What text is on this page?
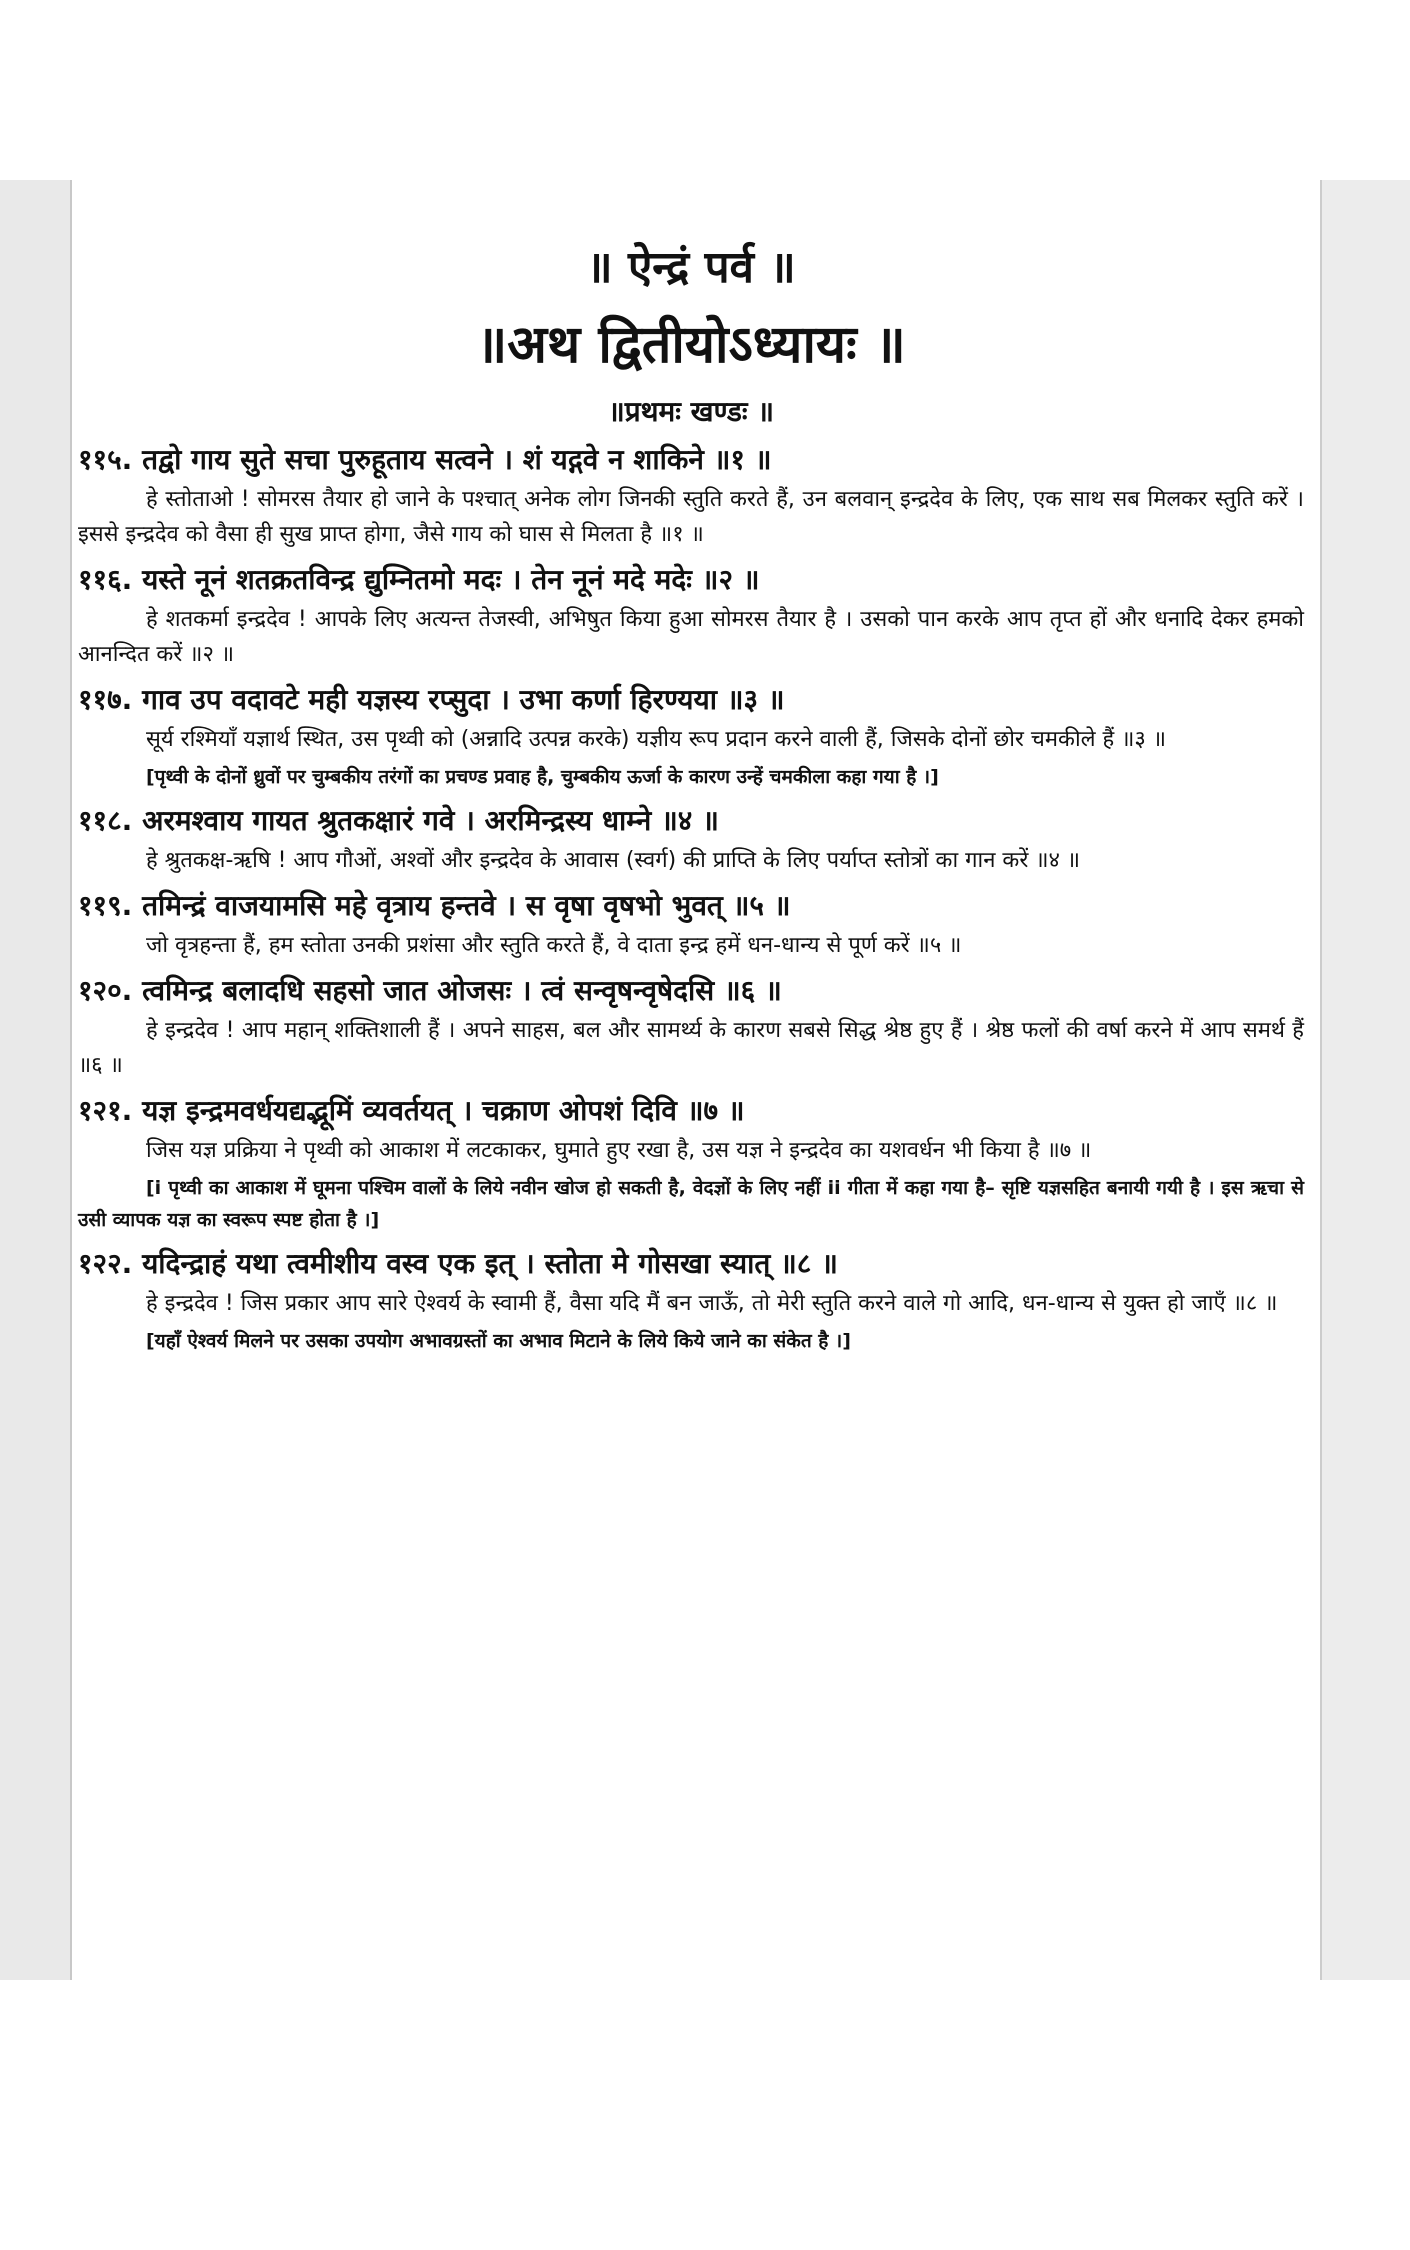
॥ ऐन्द्रं पर्व ॥
॥अथ द्वितीयोऽध्यायः ॥
॥प्रथमः खण्डः ॥
११५. तद्वो गाय सुते सचा पुरुहूताय सत्वने । शं यद्गवे न शाकिने ॥१ ॥
हे स्तोताओ ! सोमरस तैयार हो जाने के पश्चात् अनेक लोग जिनकी स्तुति करते हैं, उन बलवान् इन्द्रदेव के लिए, एक साथ सब मिलकर स्तुति करें । इससे इन्द्रदेव को वैसा ही सुख प्राप्त होगा, जैसे गाय को घास से मिलता है ॥१ ॥
११६. यस्ते नूनं शतक्रतविन्द्र द्युम्नितमो मदः । तेन नूनं मदे मदेः ॥२ ॥
हे शतकर्मा इन्द्रदेव ! आपके लिए अत्यन्त तेजस्वी, अभिषुत किया हुआ सोमरस तैयार है । उसको पान करके आप तृप्त हों और धनादि देकर हमको आनन्दित करें ॥२ ॥
११७. गाव उप वदावटे मही यज्ञस्य रप्सुदा । उभा कर्णा हिरण्यया ॥३ ॥
सूर्य रश्मियाँ यज्ञार्थ स्थित, उस पृथ्वी को (अन्नादि उत्पन्न करके) यज्ञीय रूप प्रदान करने वाली हैं, जिसके दोनों छोर चमकीले हैं ॥३ ॥
[पृथ्वी के दोनों ध्रुवों पर चुम्बकीय तरंगों का प्रचण्ड प्रवाह है, चुम्बकीय ऊर्जा के कारण उन्हें चमकीला कहा गया है ।]
११८. अरमश्वाय गायत श्रुतकक्षारं गवे । अरमिन्द्रस्य धाम्ने ॥४ ॥
हे श्रुतकक्ष-ऋषि ! आप गौओं, अश्वों और इन्द्रदेव के आवास (स्वर्ग) की प्राप्ति के लिए पर्याप्त स्तोत्रों का गान करें ॥४ ॥
११९. तमिन्द्रं वाजयामसि महे वृत्राय हन्तवे । स वृषा वृषभो भुवत् ॥५ ॥
जो वृत्रहन्ता हैं, हम स्तोता उनकी प्रशंसा और स्तुति करते हैं, वे दाता इन्द्र हमें धन-धान्य से पूर्ण करें ॥५ ॥
१२०. त्वमिन्द्र बलादधि सहसो जात ओजसः । त्वं सन्वृषन्वृषेदसि ॥६ ॥
हे इन्द्रदेव ! आप महान् शक्तिशाली हैं । अपने साहस, बल और सामर्थ्य के कारण सबसे सिद्ध श्रेष्ठ हुए हैं । श्रेष्ठ फलों की वर्षा करने में आप समर्थ हैं ॥६ ॥
१२१. यज्ञ इन्द्रमवर्धयद्यद्भूमिं व्यवर्तयत् । चक्राण ओपशं दिवि ॥७ ॥
जिस यज्ञ प्रक्रिया ने पृथ्वी को आकाश में लटकाकर, घुमाते हुए रखा है, उस यज्ञ ने इन्द्रदेव का यशवर्धन भी किया है ॥७ ॥
[i पृथ्वी का आकाश में घूमना पश्चिम वालों के लिये नवीन खोज हो सकती है, वेदज्ञों के लिए नहीं ii गीता में कहा गया है– सृष्टि यज्ञसहित बनायी गयी है । इस ऋचा से उसी व्यापक यज्ञ का स्वरूप स्पष्ट होता है ।]
१२२. यदिन्द्राहं यथा त्वमीशीय वस्व एक इत् । स्तोता मे गोसखा स्यात् ॥८ ॥
हे इन्द्रदेव ! जिस प्रकार आप सारे ऐश्वर्य के स्वामी हैं, वैसा यदि मैं बन जाऊँ, तो मेरी स्तुति करने वाले गो आदि, धन-धान्य से युक्त हो जाएँ ॥८ ॥
[यहाँ ऐश्वर्य मिलने पर उसका उपयोग अभावग्रस्तों का अभाव मिटाने के लिये किये जाने का संकेत है ।]
